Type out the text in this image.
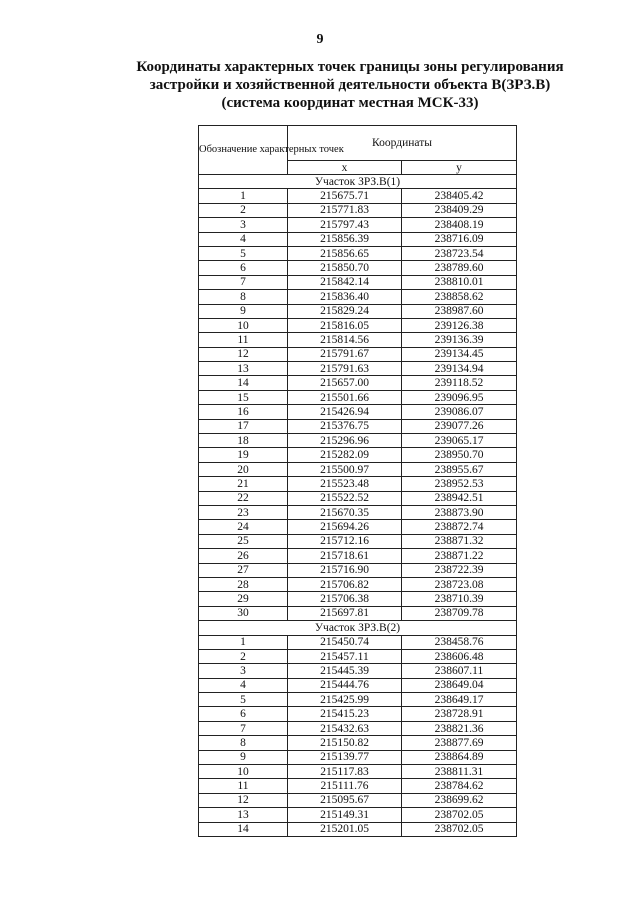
9
Координаты характерных точек границы зоны регулирования
застройки и хозяйственной деятельности объекта В(ЗРЗ.В)
(система координат местная МСК-33)
Обозначение характерных точек	Координаты	
	x	y
Участок ЗРЗ.В(1)		
1	215675.71	238405.42
2	215771.83	238409.29
3	215797.43	238408.19
4	215856.39	238716.09
5	215856.65	238723.54
6	215850.70	238789.60
7	215842.14	238810.01
8	215836.40	238858.62
9	215829.24	238987.60
10	215816.05	239126.38
11	215814.56	239136.39
12	215791.67	239134.45
13	215791.63	239134.94
14	215657.00	239118.52
15	215501.66	239096.95
16	215426.94	239086.07
17	215376.75	239077.26
18	215296.96	239065.17
19	215282.09	238950.70
20	215500.97	238955.67
21	215523.48	238952.53
22	215522.52	238942.51
23	215670.35	238873.90
24	215694.26	238872.74
25	215712.16	238871.32
26	215718.61	238871.22
27	215716.90	238722.39
28	215706.82	238723.08
29	215706.38	238710.39
30	215697.81	238709.78
Участок ЗРЗ.В(2)		
1	215450.74	238458.76
2	215457.11	238606.48
3	215445.39	238607.11
4	215444.76	238649.04
5	215425.99	238649.17
6	215415.23	238728.91
7	215432.63	238821.36
8	215150.82	238877.69
9	215139.77	238864.89
10	215117.83	238811.31
11	215111.76	238784.62
12	215095.67	238699.62
13	215149.31	238702.05
14	215201.05	238702.05
